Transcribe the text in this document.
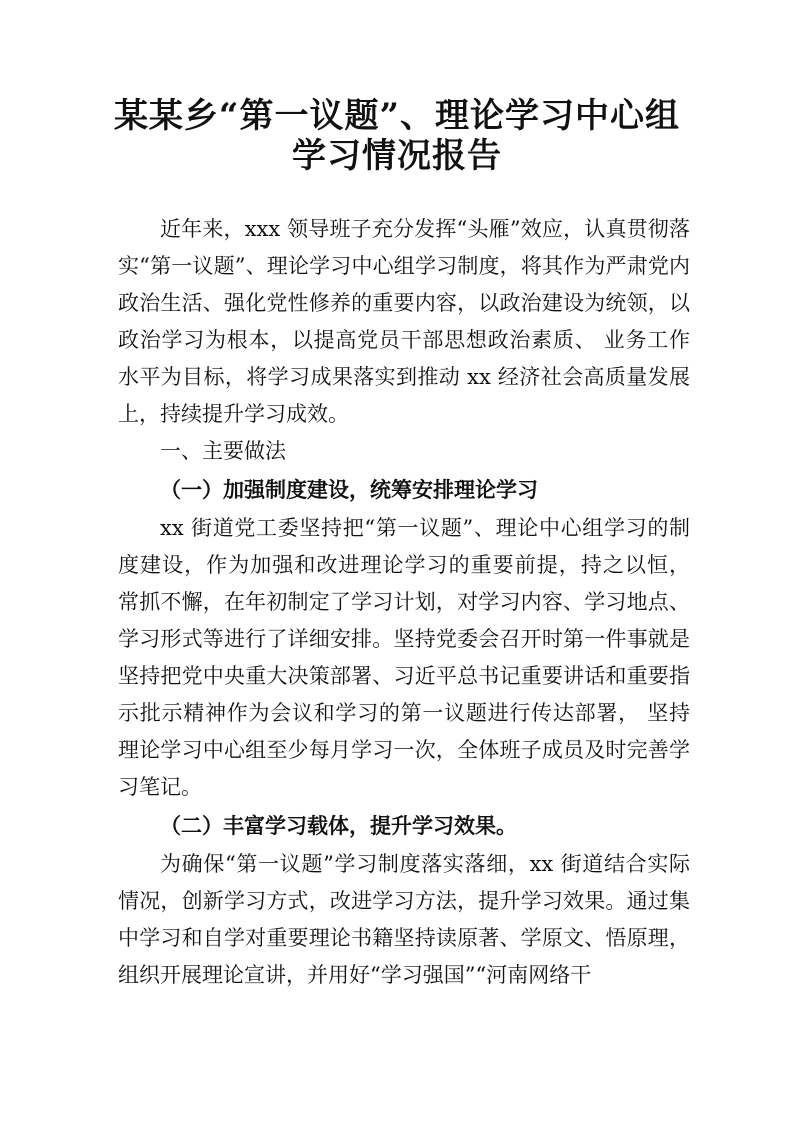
某某乡“第一议题”、理论学习中心组
学习情况报告

近年来，xxx 领导班子充分发挥“头雁”效应，认真贯彻落实“第一议题”、理论学习中心组学习制度，将其作为严肃党内政治生活、强化党性修养的重要内容，以政治建设为统领，以政治学习为根本，以提高党员干部思想政治素质、 业务工作水平为目标，将学习成果落实到推动 xx 经济社会高质量发展上，持续提升学习成效。

一、主要做法

（一）加强制度建设，统筹安排理论学习

xx 街道党工委坚持把“第一议题”、理论中心组学习的制度建设，作为加强和改进理论学习的重要前提，持之以恒， 常抓不懈，在年初制定了学习计划，对学习内容、学习地点、学习形式等进行了详细安排。坚持党委会召开时第一件事就是坚持把党中央重大决策部署、习近平总书记重要讲话和重要指示批示精神作为会议和学习的第一议题进行传达部署， 坚持理论学习中心组至少每月学习一次，全体班子成员及时完善学习笔记。

（二）丰富学习载体，提升学习效果。

为确保“第一议题”学习制度落实落细，xx 街道结合实际情况，创新学习方式，改进学习方法，提升学习效果。通过集中学习和自学对重要理论书籍坚持读原著、学原文、悟原理，组织开展理论宣讲，并用好“学习强国”“河南网络干
